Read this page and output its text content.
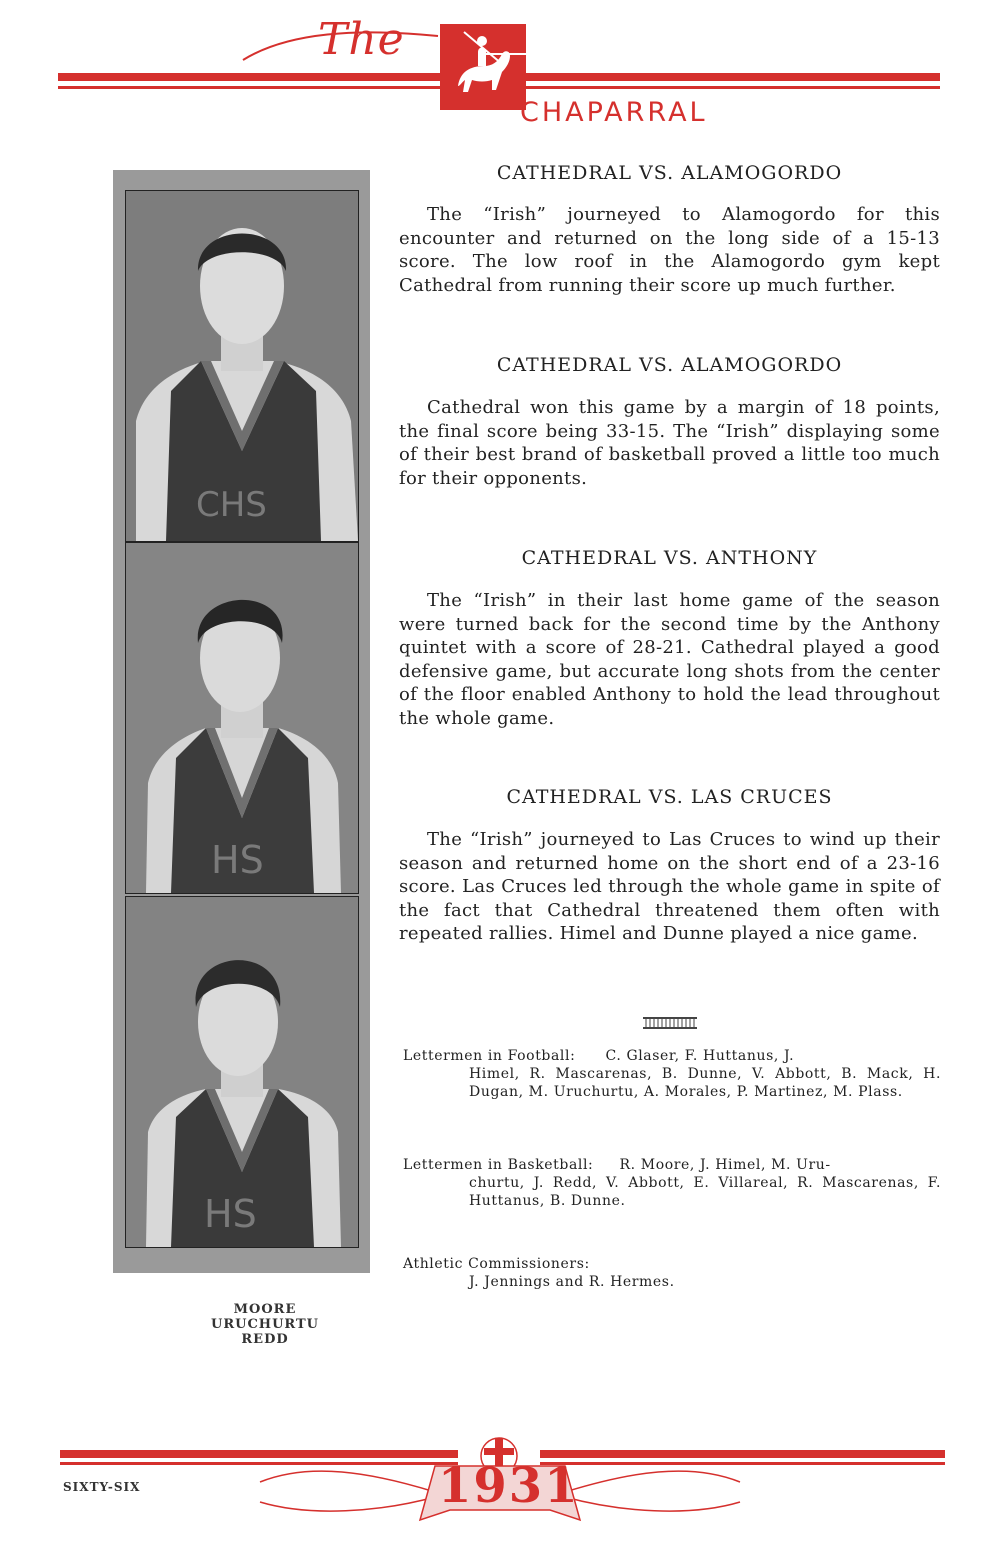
The
CHAPARRAL
CHS
HS
HS
MOORE
URUCHURTU
REDD
CATHEDRAL VS. ALAMOGORDO

The “Irish” journeyed to Alamogordo for this encounter and returned on the long side of a 15-13 score. The low roof in the Alamogordo gym kept Cathedral from running their score up much further.

CATHEDRAL VS. ALAMOGORDO

Cathedral won this game by a margin of 18 points, the final score being 33-15. The “Irish” displaying some of their best brand of basketball proved a little too much for their opponents.

CATHEDRAL VS. ANTHONY

The “Irish” in their last home game of the season were turned back for the second time by the Anthony quintet with a score of 28-21. Cathedral played a good defensive game, but accurate long shots from the center of the floor enabled Anthony to hold the lead throughout the whole game.

CATHEDRAL VS. LAS CRUCES

The “Irish” journeyed to Las Cruces to wind up their season and returned home on the short end of a 23-16 score. Las Cruces led through the whole game in spite of the fact that Cathedral threatened them often with repeated rallies. Himel and Dunne played a nice game.

Lettermen in Football: C. Glaser, F. Huttanus, J.
Himel, R. Mascarenas, B. Dunne, V. Abbott, B. Mack, H. Dugan, M. Uruchurtu, A. Morales, P. Martinez, M. Plass.

Lettermen in Basketball: R. Moore, J. Himel, M. Uru-
churtu, J. Redd, V. Abbott, E. Villareal, R. Mascarenas, F. Huttanus, B. Dunne.

Athletic Commissioners:
J. Jennings and R. Hermes.

1931
SIXTY-SIX
